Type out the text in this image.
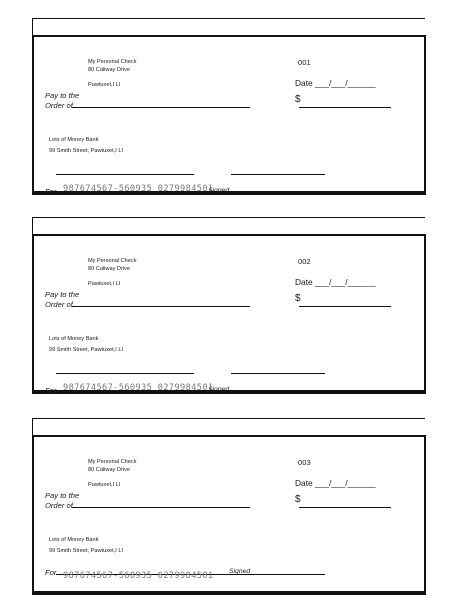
My Personal Check
80 Caliway Drive
Pawtuxet,I LI
001
Date ___/___/______
$
Pay to the
Order of
Lots of Money Bank
99 Smith Street, Pawtuxet,I LI
For 987674567-560935 0279984501
Signed
My Personal Check
80 Caliway Drive
Pawtuxet,I LI
002
Date ___/___/______
$
Pay to the
Order of
Lots of Money Bank
99 Smith Street, Pawtuxet,I LI
For 987674567-560935 0279984501
Signed
My Personal Check
80 Caliway Drive
Pawtuxet,I LI
003
Date ___/___/______
$
Pay to the
Order of
Lots of Money Bank
99 Smith Street, Pawtuxet,I LI
For 987674567-560935 0279984501 Signed
